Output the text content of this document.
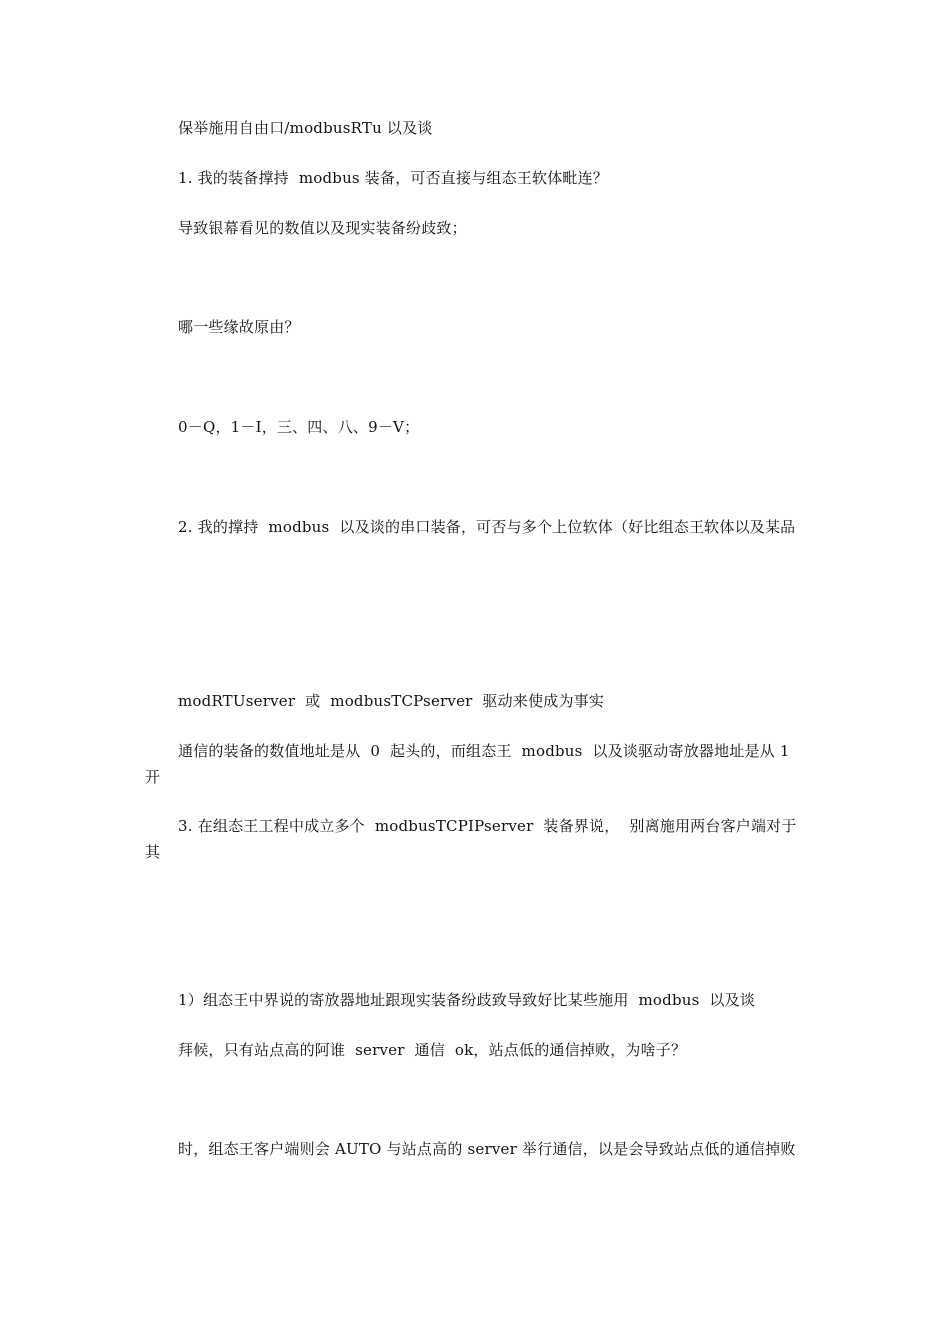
保举施用自由口/modbusRTu 以及谈

1. 我的装备撑持  modbus 装备，可否直接与组态王软体毗连？

导致银幕看见的数值以及现实装备纷歧致；

哪一些缘故原由？

0－Q，1－I，三、四、八、9－V；

2. 我的撑持  modbus  以及谈的串口装备，可否与多个上位软体（好比组态王软体以及某品

modRTUserver  或  modbusTCPserver  驱动来使成为事实

通信的装备的数值地址是从  0  起头的，而组态王  modbus  以及谈驱动寄放器地址是从 1 开

3. 在组态王工程中成立多个  modbusTCPIPserver  装备界说，  别离施用两台客户端对于其

1）组态王中界说的寄放器地址跟现实装备纷歧致导致好比某些施用  modbus  以及谈

拜候，只有站点高的阿谁  server  通信  ok，站点低的通信掉败，为啥子？

时，组态王客户端则会 AUTO 与站点高的 server 举行通信，以是会导致站点低的通信掉败
